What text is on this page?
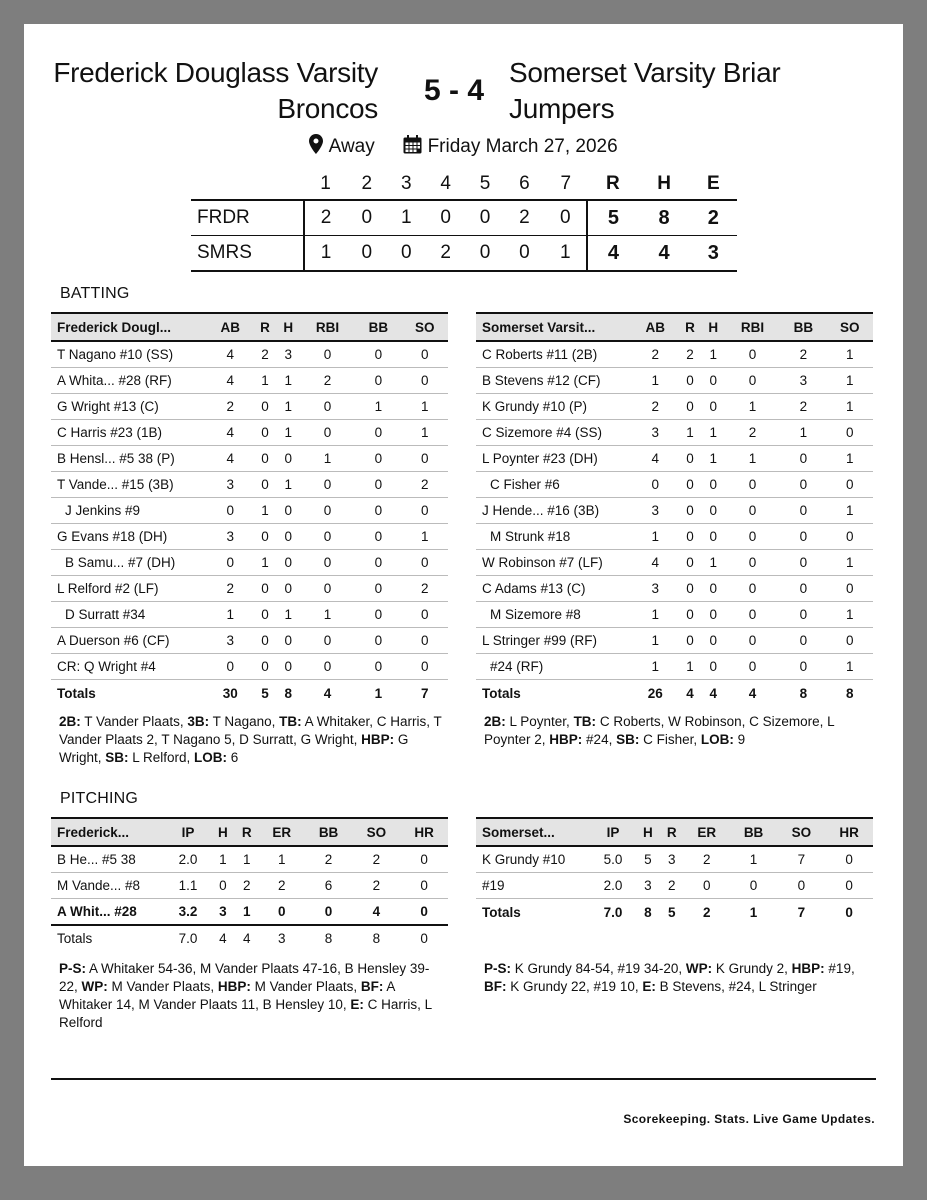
Frederick Douglass Varsity Broncos
5 - 4
Somerset Varsity Briar Jumpers
Away	Friday March 27, 2026
	1	2	3	4	5	6	7	R	H	E
FRDR	2	0	1	0	0	2	0	5	8	2
SMRS	1	0	0	2	0	0	1	4	4	3
BATTING
Frederick Dougl...	AB	R	H	RBI	BB	SO
T Nagano #10 (SS)	4	2	3	0	0	0
A Whita... #28 (RF)	4	1	1	2	0	0
G Wright #13 (C)	2	0	1	0	1	1
C Harris #23 (1B)	4	0	1	0	0	1
B Hensl... #5 38 (P)	4	0	0	1	0	0
T Vande... #15 (3B)	3	0	1	0	0	2
J Jenkins #9	0	1	0	0	0	0
G Evans #18 (DH)	3	0	0	0	0	1
B Samu... #7 (DH)	0	1	0	0	0	0
L Relford #2 (LF)	2	0	0	0	0	2
D Surratt #34	1	0	1	1	0	0
A Duerson #6 (CF)	3	0	0	0	0	0
CR: Q Wright #4	0	0	0	0	0	0
Totals	30	5	8	4	1	7
Somerset Varsit...	AB	R	H	RBI	BB	SO
C Roberts #11 (2B)	2	2	1	0	2	1
B Stevens #12 (CF)	1	0	0	0	3	1
K Grundy #10 (P)	2	0	0	1	2	1
C Sizemore #4 (SS)	3	1	1	2	1	0
L Poynter #23 (DH)	4	0	1	1	0	1
C Fisher #6	0	0	0	0	0	0
J Hende... #16 (3B)	3	0	0	0	0	1
M Strunk #18	1	0	0	0	0	0
W Robinson #7 (LF)	4	0	1	0	0	1
C Adams #13 (C)	3	0	0	0	0	0
M Sizemore #8	1	0	0	0	0	1
L Stringer #99 (RF)	1	0	0	0	0	0
#24 (RF)	1	1	0	0	0	1
Totals	26	4	4	4	8	8
2B: T Vander Plaats, 3B: T Nagano, TB: A Whitaker, C Harris, T Vander Plaats 2, T Nagano 5, D Surratt, G Wright, HBP: G Wright, SB: L Relford, LOB: 6
2B: L Poynter, TB: C Roberts, W Robinson, C Sizemore, L Poynter 2, HBP: #24, SB: C Fisher, LOB: 9
PITCHING
Frederick...	IP	H	R	ER	BB	SO	HR
B He... #5 38	2.0	1	1	1	2	2	0
M Vande... #8	1.1	0	2	2	6	2	0
A Whit... #28	3.2	3	1	0	0	4	0
Totals	7.0	4	4	3	8	8	0
Somerset...	IP	H	R	ER	BB	SO	HR
K Grundy #10	5.0	5	3	2	1	7	0
#19	2.0	3	2	0	0	0	0
Totals	7.0	8	5	2	1	7	0
P-S: A Whitaker 54-36, M Vander Plaats 47-16, B Hensley 39-22, WP: M Vander Plaats, HBP: M Vander Plaats, BF: A Whitaker 14, M Vander Plaats 11, B Hensley 10, E: C Harris, L Relford
P-S: K Grundy 84-54, #19 34-20, WP: K Grundy 2, HBP: #19, BF: K Grundy 22, #19 10, E: B Stevens, #24, L Stringer
Scorekeeping. Stats. Live Game Updates.
